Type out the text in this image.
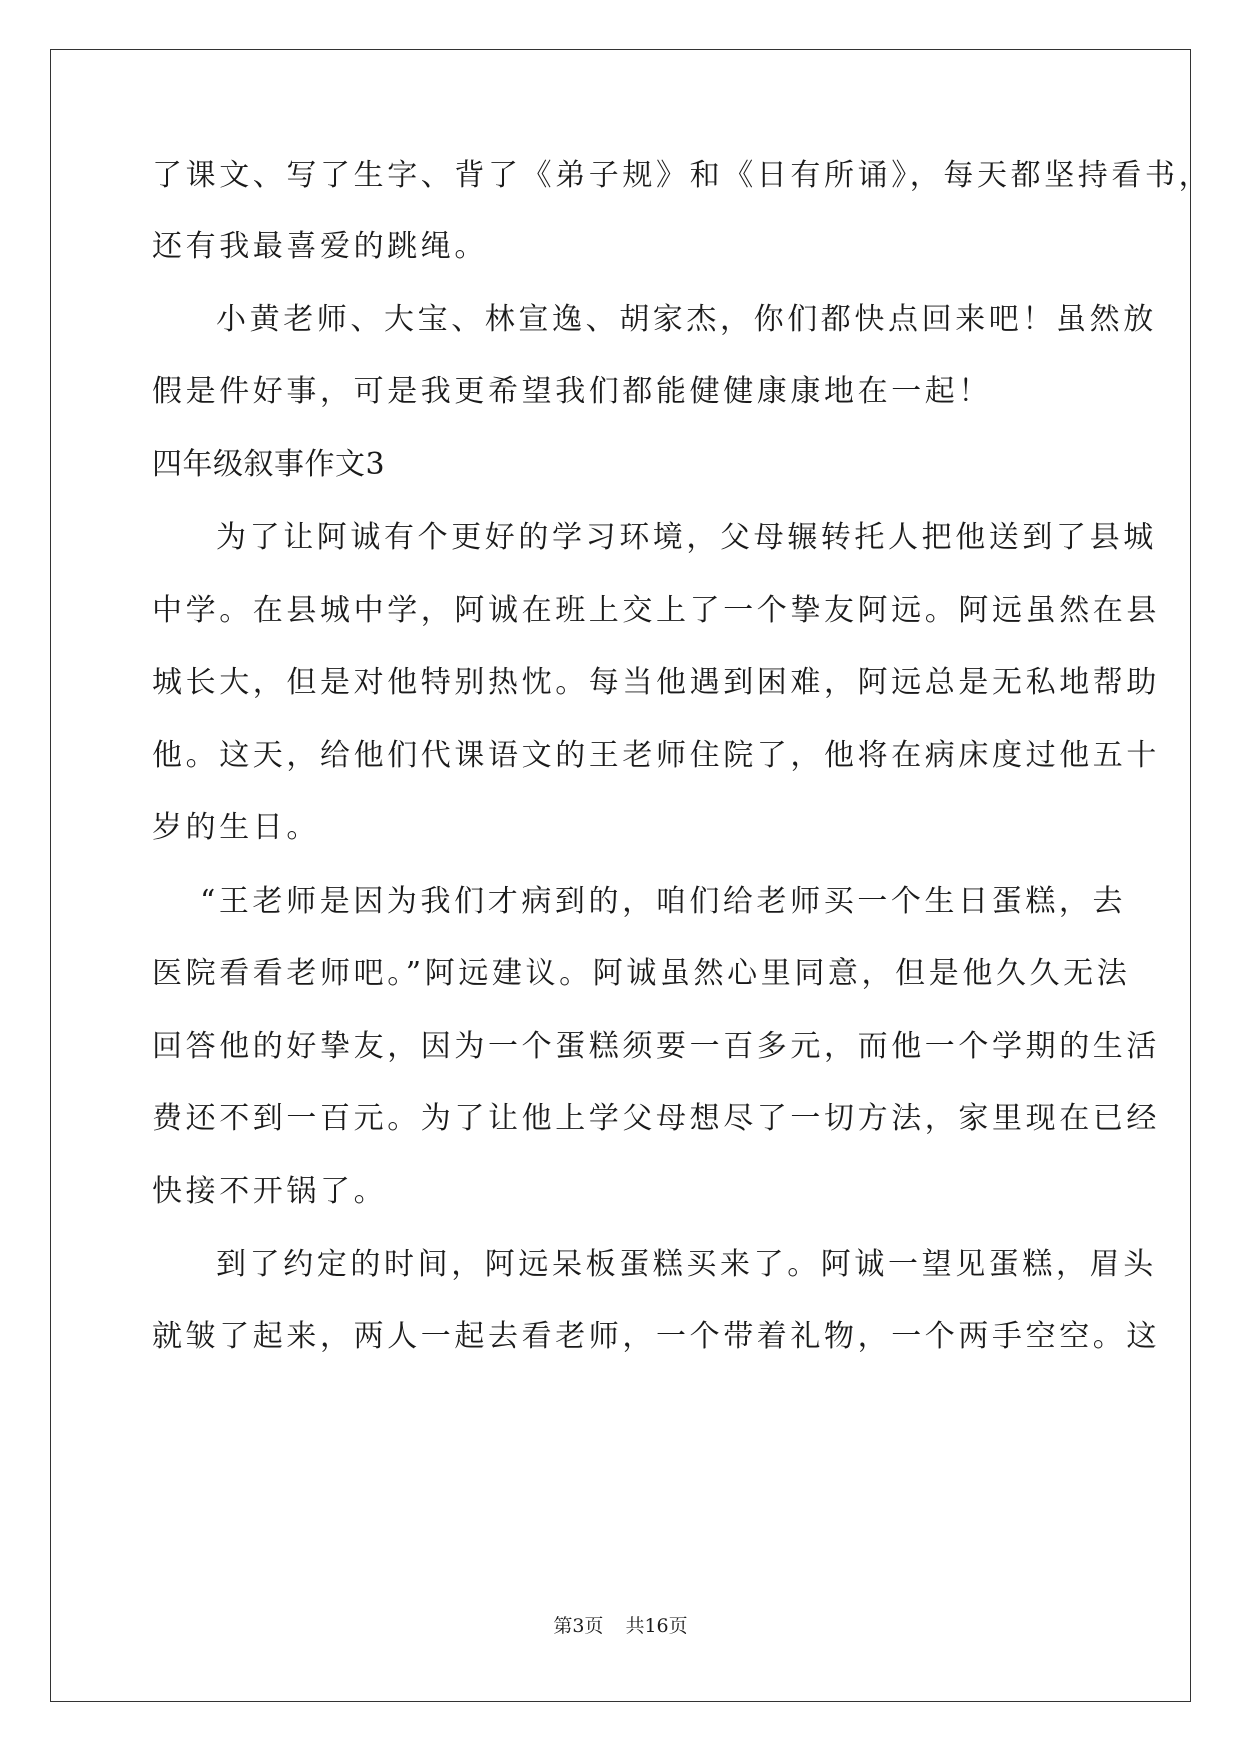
了课文、写了生字、背了《弟子规》和《日有所诵》，每天都坚持看书，
还有我最喜爱的跳绳。
小黄老师、大宝、林宣逸、胡家杰，你们都快点回来吧！虽然放
假是件好事，可是我更希望我们都能健健康康地在一起！
四年级叙事作文3
为了让阿诚有个更好的学习环境，父母辗转托人把他送到了县城
中学。在县城中学，阿诚在班上交上了一个挚友阿远。阿远虽然在县
城长大，但是对他特别热忱。每当他遇到困难，阿远总是无私地帮助
他。这天，给他们代课语文的王老师住院了，他将在病床度过他五十
岁的生日。
“王老师是因为我们才病到的，咱们给老师买一个生日蛋糕，去
医院看看老师吧。”阿远建议。阿诚虽然心里同意，但是他久久无法
回答他的好挚友，因为一个蛋糕须要一百多元，而他一个学期的生活
费还不到一百元。为了让他上学父母想尽了一切方法，家里现在已经
快接不开锅了。
到了约定的时间，阿远呆板蛋糕买来了。阿诚一望见蛋糕，眉头
就皱了起来，两人一起去看老师，一个带着礼物，一个两手空空。这
第3页 共16页
